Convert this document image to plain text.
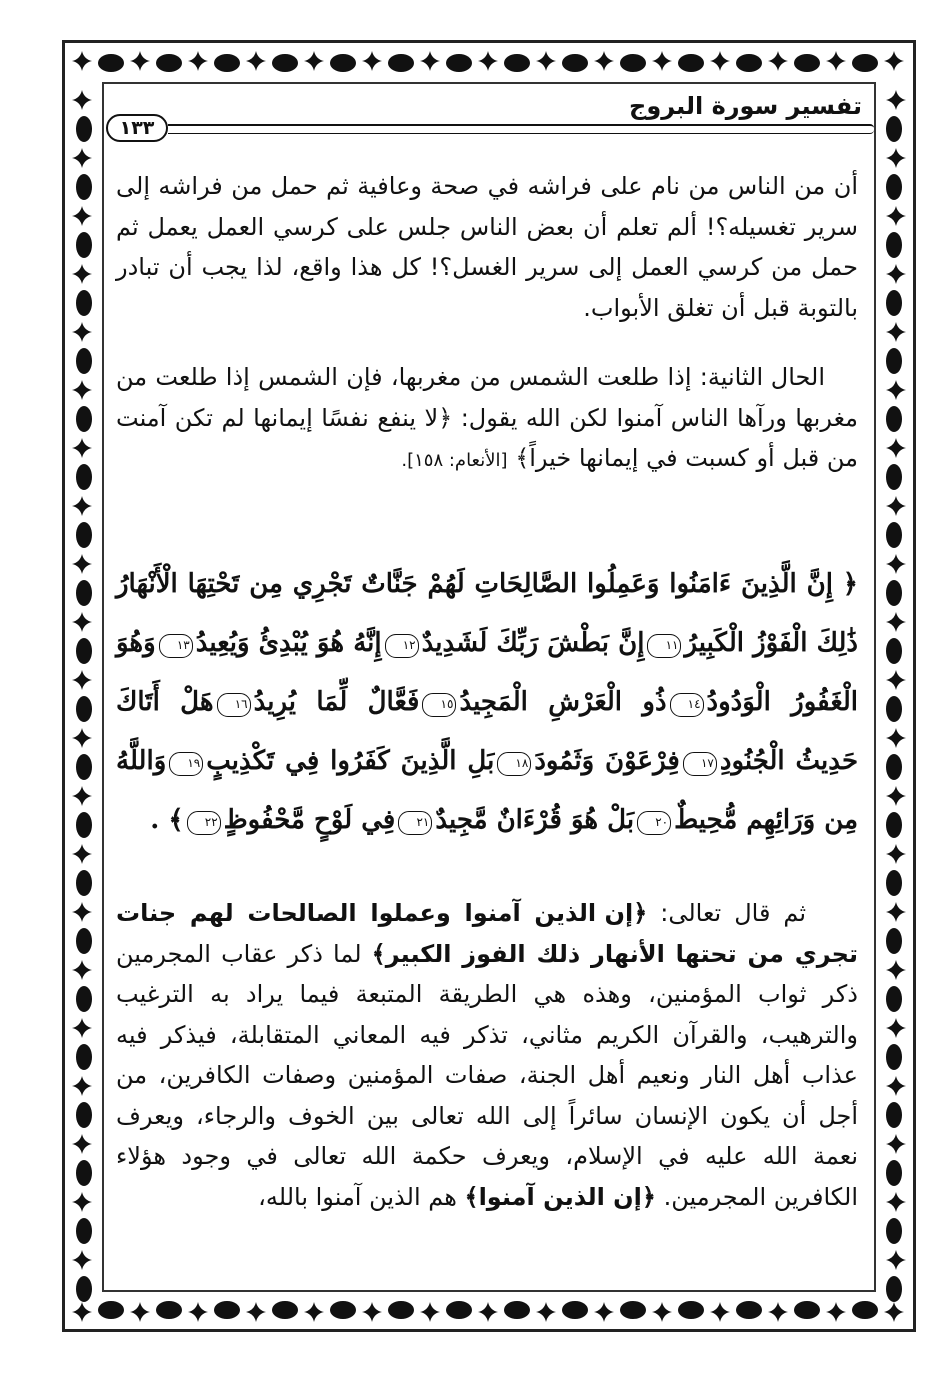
تفسير سورة البروج
١٣٣
أن من الناس من نام على فراشه في صحة وعافية ثم حمل من فراشه إلى سرير تغسيله؟! ألم تعلم أن بعض الناس جلس على كرسي العمل يعمل ثم حمل من كرسي العمل إلى سرير الغسل؟! كل هذا واقع، لذا يجب أن تبادر بالتوبة قبل أن تغلق الأبواب.
الحال الثانية: إذا طلعت الشمس من مغربها، فإن الشمس إذا طلعت من مغربها ورآها الناس آمنوا لكن الله يقول: ﴿لا ينفع نفسًا إيمانها لم تكن آمنت من قبل أو كسبت في إيمانها خيراً﴾ [الأنعام: ١٥٨].
﴿ إِنَّ الَّذِينَ ءَامَنُوا وَعَمِلُوا الصَّالِحَاتِ لَهُمْ جَنَّاتٌ تَجْرِي مِن تَحْتِهَا الْأَنْهَارُ ذَٰلِكَ الْفَوْزُ الْكَبِيرُ١١إِنَّ بَطْشَ رَبِّكَ لَشَدِيدٌ١٢إِنَّهُ هُوَ يُبْدِئُ وَيُعِيدُ١٣وَهُوَ الْغَفُورُ الْوَدُودُ١٤ذُو الْعَرْشِ الْمَجِيدُ١٥فَعَّالٌ لِّمَا يُرِيدُ١٦هَلْ أَتَاكَ حَدِيثُ الْجُنُودِ١٧فِرْعَوْنَ وَثَمُودَ١٨بَلِ الَّذِينَ كَفَرُوا فِي تَكْذِيبٍ١٩وَاللَّهُ مِن وَرَائِهِم مُّحِيطٌ٢٠بَلْ هُوَ قُرْءَانٌ مَّجِيدٌ٢١فِي لَوْحٍ مَّحْفُوظٍ٢٢﴾ .
ثم قال تعالى: ﴿إن الذين آمنوا وعملوا الصالحات لهم جنات تجري من تحتها الأنهار ذلك الفوز الكبير﴾ لما ذكر عقاب المجرمين ذكر ثواب المؤمنين، وهذه هي الطريقة المتبعة فيما يراد به الترغيب والترهيب، والقرآن الكريم مثاني، تذكر فيه المعاني المتقابلة، فيذكر فيه عذاب أهل النار ونعيم أهل الجنة، صفات المؤمنين وصفات الكافرين، من أجل أن يكون الإنسان سائراً إلى الله تعالى بين الخوف والرجاء، ويعرف نعمة الله عليه في الإسلام، ويعرف حكمة الله تعالى في وجود هؤلاء الكافرين المجرمين. ﴿إن الذين آمنوا﴾ هم الذين آمنوا بالله،
